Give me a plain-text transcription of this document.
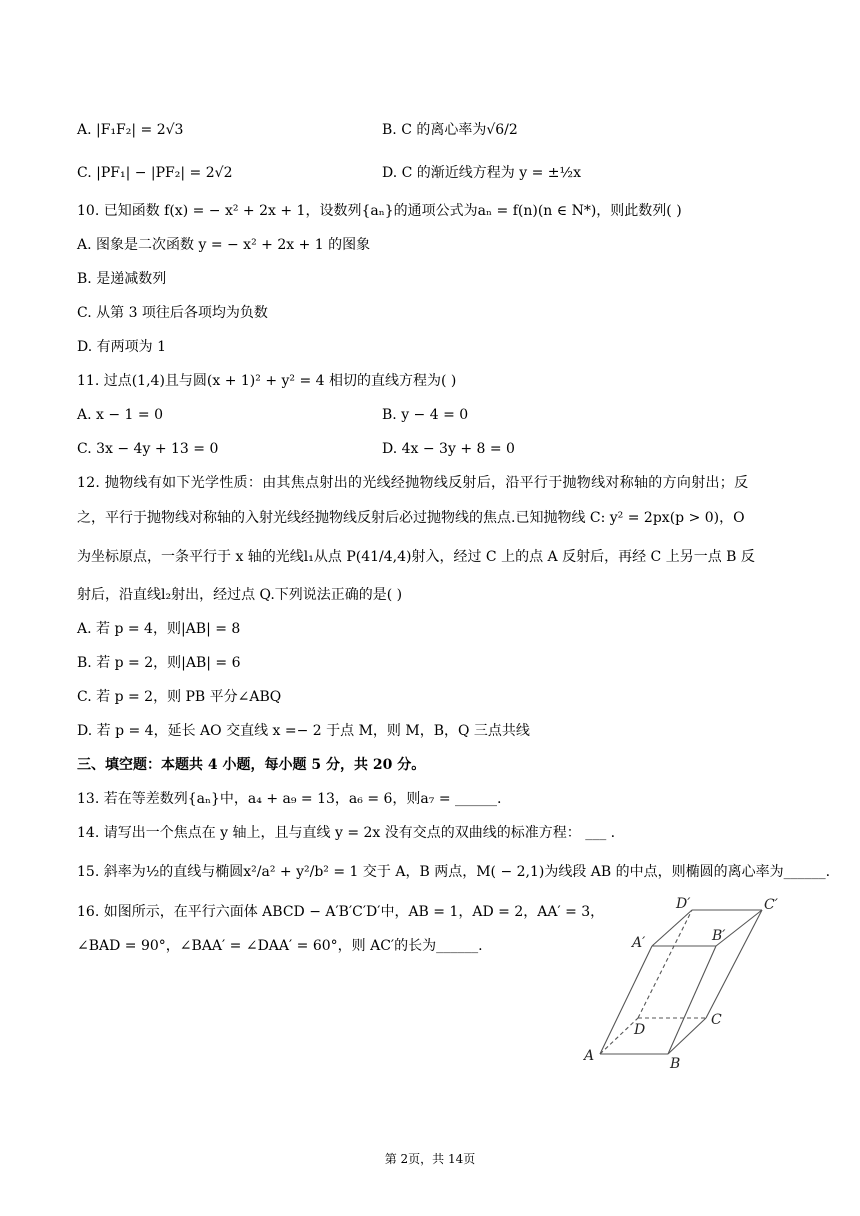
A. |F₁F₂| = 2√3	B. C 的离心率为√6/2
C. |PF₁| − |PF₂| = 2√2	D. C 的渐近线方程为 y = ±½x
10. 已知函数 f(x) = − x² + 2x + 1，设数列{aₙ}的通项公式为aₙ = f(n)(n ∈ N*)，则此数列( )
A. 图象是二次函数 y = − x² + 2x + 1 的图象
B. 是递减数列
C. 从第 3 项往后各项均为负数
D. 有两项为 1
11. 过点(1,4)且与圆(x + 1)² + y² = 4 相切的直线方程为( )
A. x − 1 = 0	B. y − 4 = 0
C. 3x − 4y + 13 = 0	D. 4x − 3y + 8 = 0
12. 抛物线有如下光学性质：由其焦点射出的光线经抛物线反射后，沿平行于抛物线对称轴的方向射出；反
之，平行于抛物线对称轴的入射光线经抛物线反射后必过抛物线的焦点.已知抛物线 C: y² = 2px(p > 0)，O
为坐标原点，一条平行于 x 轴的光线l₁从点 P(41/4,4)射入，经过 C 上的点 A 反射后，再经 C 上另一点 B 反
射后，沿直线l₂射出，经过点 Q.下列说法正确的是( )
A. 若 p = 4，则|AB| = 8
B. 若 p = 2，则|AB| = 6
C. 若 p = 2，则 PB 平分∠ABQ
D. 若 p = 4，延长 AO 交直线 x =− 2 于点 M，则 M，B，Q 三点共线
三、填空题：本题共 4 小题，每小题 5 分，共 20 分。
13. 若在等差数列{aₙ}中，a₄ + a₉ = 13，a₆ = 6，则a₇ = ______.
14. 请写出一个焦点在 y 轴上，且与直线 y = 2x 没有交点的双曲线的标准方程： ___ .
15. 斜率为½的直线与椭圆x²/a² + y²/b² = 1 交于 A，B 两点，M( − 2,1)为线段 AB 的中点，则椭圆的离心率为______.
16. 如图所示，在平行六面体 ABCD − A′B′C′D′中，AB = 1，AD = 2，AA′ = 3，
∠BAD = 90°，∠BAA′ = ∠DAA′ = 60°，则 AC′的长为______.
A	B
C
D
A′	B′
C′
D′
第 2页，共 14页
